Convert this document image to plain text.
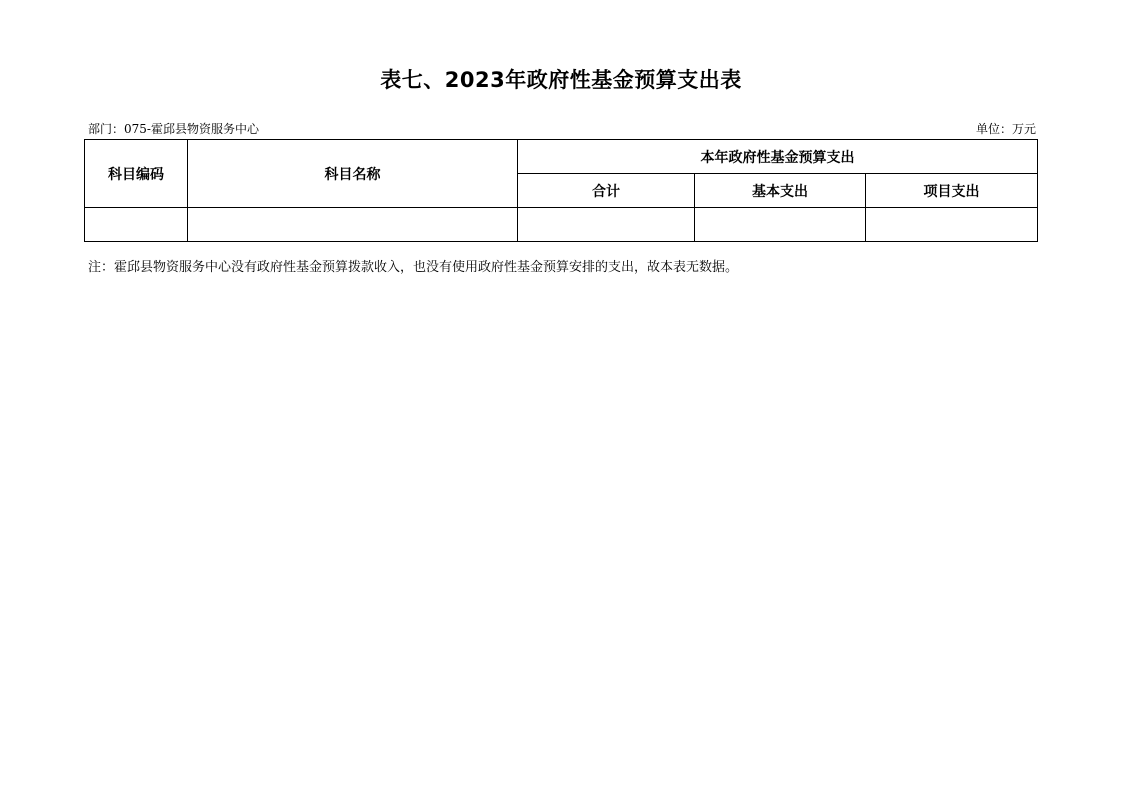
表七、2023年政府性基金预算支出表
部门：075-霍邱县物资服务中心	单位：万元
科目编码	科目名称	本年政府性基金预算支出		
		合计	基本支出	项目支出

注：霍邱县物资服务中心没有政府性基金预算拨款收入，也没有使用政府性基金预算安排的支出，故本表无数据。
